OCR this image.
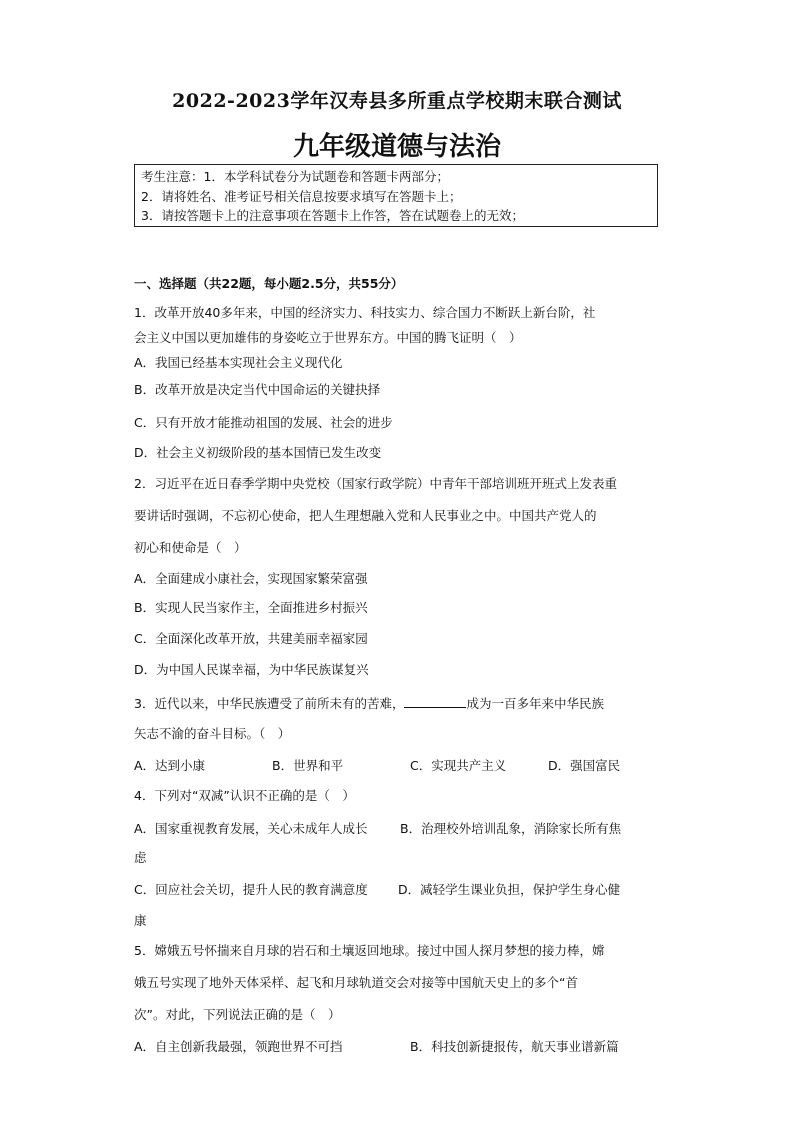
2022-2023学年汉寿县多所重点学校期末联合测试
九年级道德与法治
考生注意：1．本学科试卷分为试题卷和答题卡两部分；
2．请将姓名、准考证号相关信息按要求填写在答题卡上；
3．请按答题卡上的注意事项在答题卡上作答，答在试题卷上的无效；
一、选择题（共22题，每小题2.5分，共55分）
1．改革开放40多年来，中国的经济实力、科技实力、综合国力不断跃上新台阶，社
会主义中国以更加雄伟的身姿屹立于世界东方。中国的腾飞证明（　）
A．我国已经基本实现社会主义现代化
B．改革开放是决定当代中国命运的关键抉择
C．只有开放才能推动祖国的发展、社会的进步
D．社会主义初级阶段的基本国情已发生改变
2．习近平在近日春季学期中央党校（国家行政学院）中青年干部培训班开班式上发表重
要讲话时强调，不忘初心使命，把人生理想融入党和人民事业之中。中国共产党人的
初心和使命是（　）
A．全面建成小康社会，实现国家繁荣富强
B．实现人民当家作主，全面推进乡村振兴
C．全面深化改革开放，共建美丽幸福家园
D．为中国人民谋幸福，为中华民族谋复兴
3．近代以来，中华民族遭受了前所未有的苦难，	成为一百多年来中华民族
矢志不渝的奋斗目标。（　）
A．达到小康	B．世界和平	C．实现共产主义	D．强国富民
4．下列对“双减”认识不正确的是（　）
A．国家重视教育发展，关心未成年人成长	B．治理校外培训乱象，消除家长所有焦
虑
C．回应社会关切，提升人民的教育满意度 D．减轻学生课业负担，保护学生身心健
康
5．嫦娥五号怀揣来自月球的岩石和土壤返回地球。接过中国人探月梦想的接力棒，嫦
娥五号实现了地外天体采样、起飞和月球轨道交会对接等中国航天史上的多个“首
次”。对此，下列说法正确的是（　）
A．自主创新我最强，领跑世界不可挡	B．科技创新捷报传，航天事业谱新篇
